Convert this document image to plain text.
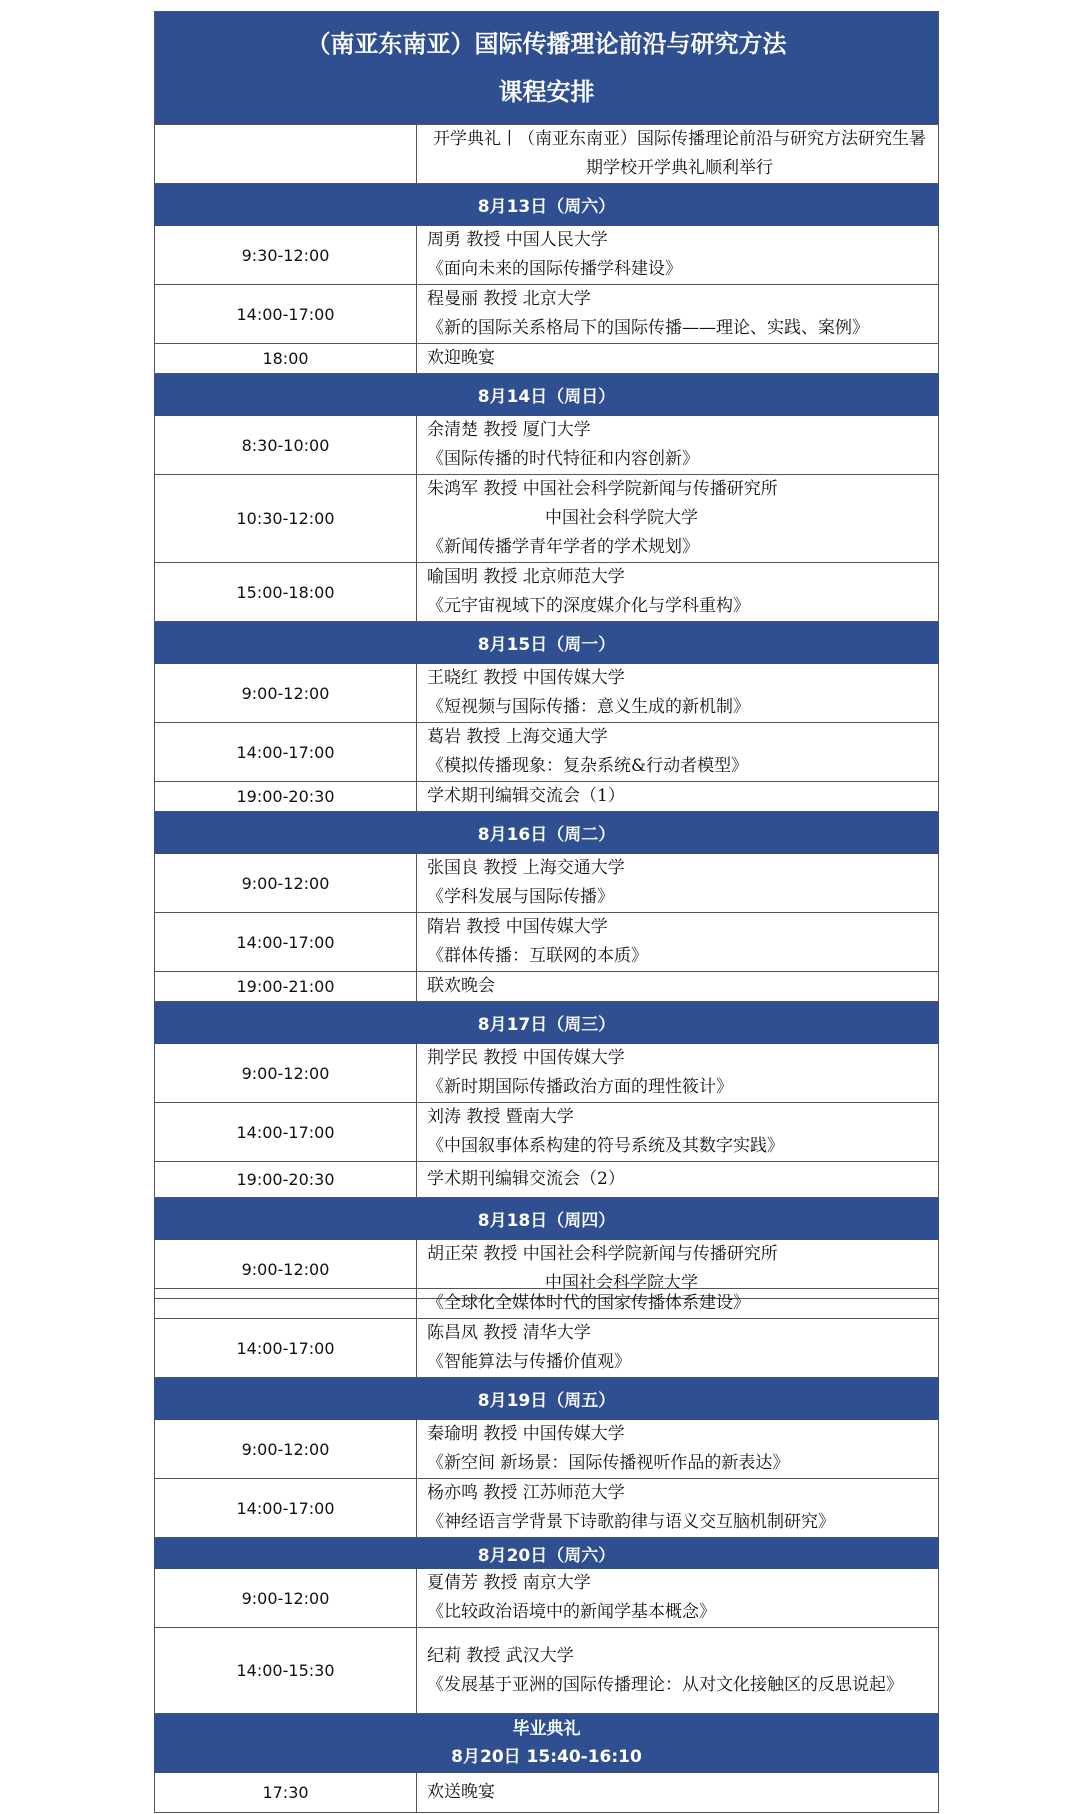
（南亚东南亚）国际传播理论前沿与研究方法
课程安排	

	开学典礼丨（南亚东南亚）国际传播理论前沿与研究方法研究生暑期学校开学典礼顺利举行
8月13日（周六）	
9:30-12:00	周勇 教授 中国人民大学
《面向未来的国际传播学科建设》

14:00-17:00	程曼丽 教授 北京大学
《新的国际关系格局下的国际传播——理论、实践、案例》

18:00	欢迎晚宴
8月14日（周日）	
8:30-10:00	余清楚 教授 厦门大学
《国际传播的时代特征和内容创新》

10:30-12:00	朱鸿军 教授 中国社会科学院新闻与传播研究所
中国社会科学院大学
《新闻传播学青年学者的学术规划》

15:00-18:00	喻国明 教授 北京师范大学
《元宇宙视域下的深度媒介化与学科重构》

8月15日（周一）	
9:00-12:00	王晓红 教授 中国传媒大学
《短视频与国际传播：意义生成的新机制》

14:00-17:00	葛岩 教授 上海交通大学
《模拟传播现象：复杂系统&行动者模型》

19:00-20:30	学术期刊编辑交流会（1）
8月16日（周二）	
9:00-12:00	张国良 教授 上海交通大学
《学科发展与国际传播》

14:00-17:00	隋岩 教授 中国传媒大学
《群体传播：互联网的本质》

19:00-21:00	联欢晚会
8月17日（周三）	
9:00-12:00	荆学民 教授 中国传媒大学
《新时期国际传播政治方面的理性筱计》

14:00-17:00	刘涛 教授 暨南大学
《中国叙事体系构建的符号系统及其数字实践》

19:00-20:30	学术期刊编辑交流会（2）
8月18日（周四）	
9:00-12:00	胡正荣 教授 中国社会科学院新闻与传播研究所
中国社会科学院大学
	《全球化全媒体时代的国家传播体系建设》
14:00-17:00	陈昌凤 教授 清华大学
《智能算法与传播价值观》

8月19日（周五）	
9:00-12:00	秦瑜明 教授 中国传媒大学
《新空间 新场景：国际传播视听作品的新表达》

14:00-17:00	杨亦鸣 教授 江苏师范大学
《神经语言学背景下诗歌韵律与语义交互脑机制研究》

8月20日（周六）	
9:00-12:00	夏倩芳 教授 南京大学
《比较政治语境中的新闻学基本概念》

14:00-15:30	纪莉 教授 武汉大学
《发展基于亚洲的国际传播理论：从对文化接触区的反思说起》

毕业典礼
8月20日 15:40-16:10	

17:30	欢送晚宴
